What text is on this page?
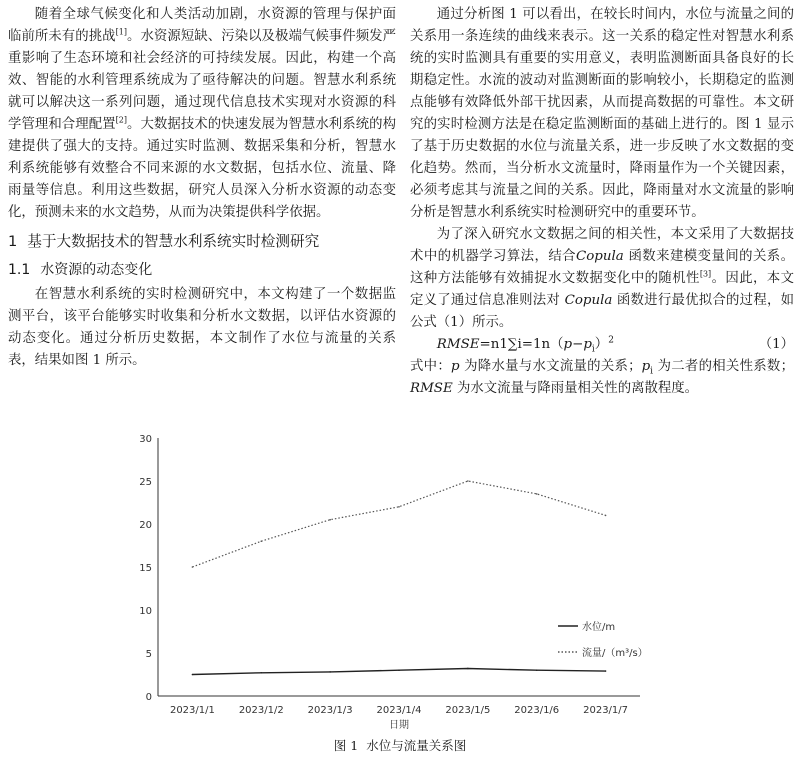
随着全球气候变化和人类活动加剧，水资源的管理与保护面临前所未有的挑战[1]。水资源短缺、污染以及极端气候事件频发严重影响了生态环境和社会经济的可持续发展。因此，构建一个高效、智能的水利管理系统成为了亟待解决的问题。智慧水利系统就可以解决这一系列问题，通过现代信息技术实现对水资源的科学管理和合理配置[2]。大数据技术的快速发展为智慧水利系统的构建提供了强大的支持。通过实时监测、数据采集和分析，智慧水利系统能够有效整合不同来源的水文数据，包括水位、流量、降雨量等信息。利用这些数据，研究人员深入分析水资源的动态变化，预测未来的水文趋势，从而为决策提供科学依据。

1 基于大数据技术的智慧水利系统实时检测研究
1.1 水资源的动态变化

在智慧水利系统的实时检测研究中，本文构建了一个数据监测平台，该平台能够实时收集和分析水文数据，以评估水资源的动态变化。通过分析历史数据，本文制作了水位与流量的关系表，结果如图 1 所示。

通过分析图 1 可以看出，在较长时间内，水位与流量之间的关系用一条连续的曲线来表示。这一关系的稳定性对智慧水利系统的实时监测具有重要的实用意义，表明监测断面具备良好的长期稳定性。水流的波动对监测断面的影响较小，长期稳定的监测点能够有效降低外部干扰因素，从而提高数据的可靠性。本文研究的实时检测方法是在稳定监测断面的基础上进行的。图 1 显示了基于历史数据的水位与流量关系，进一步反映了水文数据的变化趋势。然而，当分析水文流量时，降雨量作为一个关键因素，必须考虑其与流量之间的关系。因此，降雨量对水文流量的影响分析是智慧水利系统实时检测研究中的重要环节。

为了深入研究水文数据之间的相关性，本文采用了大数据技术中的机器学习算法，结合Copula 函数来建模变量间的关系。这种方法能够有效捕捉水文数据变化中的随机性[3]。因此，本文定义了通过信息准则法对 Copula 函数进行最优拟合的过程，如公式（1）所示。

$RMSE=n1\sum i=1n(p-p_i)^2$	（1）

式中：p 为降水量与水文流量的关系；$p_i$ 为二者的相关性系数；RMSE 为水文流量与降雨量相关性的离散程度。

0
5
10
15
20
25
30
2023/1/1 2023/1/2 2023/1/3 2023/1/4 2023/1/5 2023/1/6 2023/1/7
日期
水位/m
流量/（m³/s）
图 1 水位与流量关系图
